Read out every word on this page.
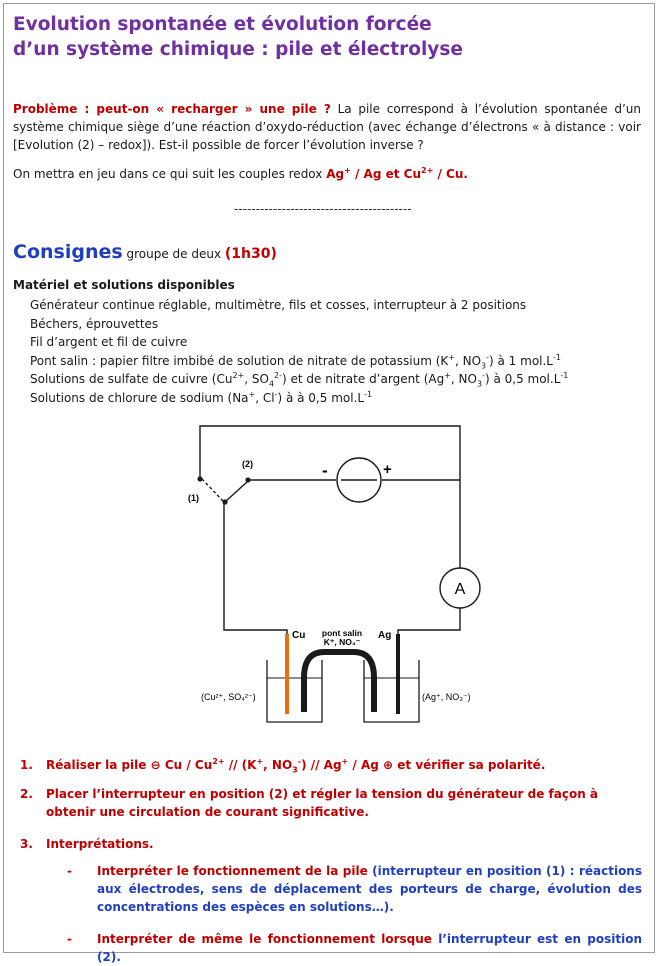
Evolution spontanée et évolution forcée
d’un système chimique : pile et électrolyse
Problème : peut-on « recharger » une pile ? La pile correspond à l’évolution spontanée d’un système chimique siège d’une réaction d’oxydo-réduction (avec échange d’électrons « à distance : voir [Evolution (2) – redox]). Est-il possible de forcer l’évolution inverse ?
On mettra en jeu dans ce qui suit les couples redox Ag+ / Ag et $Cu^{2+}$ / Cu.
-----------------------------------------
Consignes groupe de deux (1h30)
Matériel et solutions disponibles
Générateur continue réglable, multimètre, fils et cosses, interrupteur à 2 positions
Béchers, éprouvettes
Fil d’argent et fil de cuivre
Pont salin : papier filtre imbibé de solution de nitrate de potassium (K+, $NO_3^-$) à 1 $mol.L^{-1}$
Solutions de sulfate de cuivre ($Cu^{2+}$, $SO_4^{2-}$) et de nitrate d’argent (Ag+, $NO_3^-$) à 0,5 $mol.L^{-1}$
Solutions de chlorure de sodium (Na+, Cl-) à à 0,5 $mol.L^{-1}$
(1)
(2)	-	+
A
Cu	Ag
pont salin
K⁺, NO₃⁻
(Cu²⁺, SO₄²⁻)	(Ag⁺, NO₃⁻)
1. Réaliser la pile ⊖ Cu / $Cu^{2+} // (K^+$, $NO_3^-) // Ag^+$ / Ag ⊕ et vérifier sa polarité.
2. Placer l’interrupteur en position (2) et régler la tension du générateur de façon à obtenir une circulation de courant significative.
3. Interprétations.
- Interpréter le fonctionnement de la pile (interrupteur en position (1) : réactions aux électrodes, sens de déplacement des porteurs de charge, évolution des concentrations des espèces en solutions…).
- Interpréter de même le fonctionnement lorsque l’interrupteur est en position (2).
